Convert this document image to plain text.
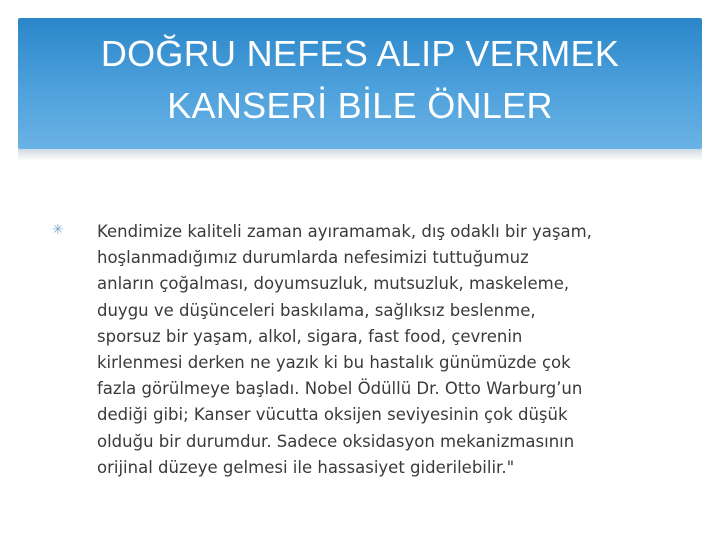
DOĞRU NEFES ALIP VERMEK
KANSERİ BİLE ÖNLER
✳ Kendimize kaliteli zaman ayıramamak, dış odaklı bir yaşam,
hoşlanmadığımız durumlarda nefesimizi tuttuğumuz
anların çoğalması, doyumsuzluk, mutsuzluk, maskeleme,
duygu ve düşünceleri baskılama, sağlıksız beslenme,
sporsuz bir yaşam, alkol, sigara, fast food, çevrenin
kirlenmesi derken ne yazık ki bu hastalık günümüzde çok
fazla görülmeye başladı. Nobel Ödüllü Dr. Otto Warburg’un
dediği gibi; Kanser vücutta oksijen seviyesinin çok düşük
olduğu bir durumdur. Sadece oksidasyon mekanizmasının
orijinal düzeye gelmesi ile hassasiyet giderilebilir."
